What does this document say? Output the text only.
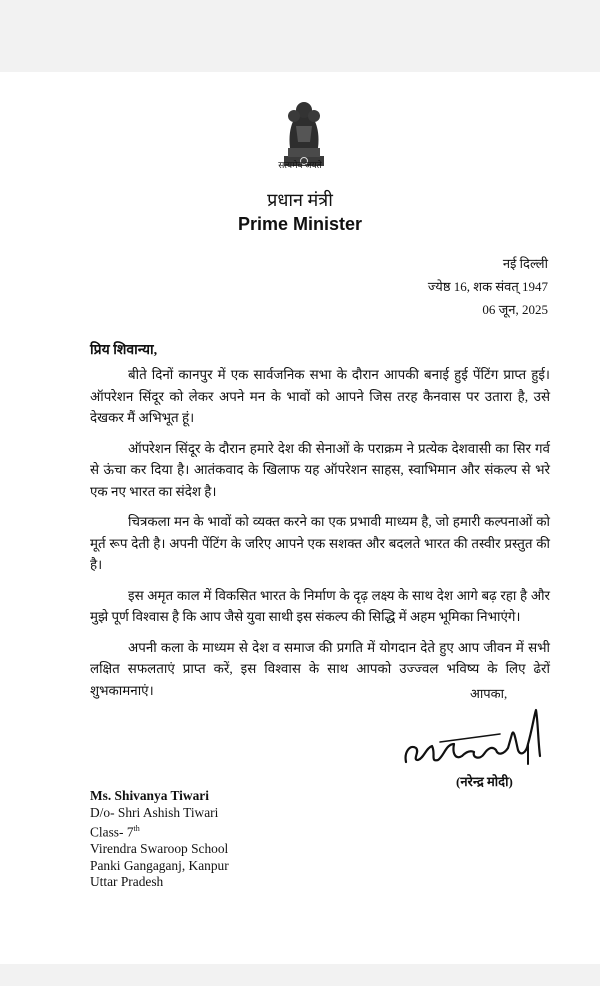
सत्यमेव जयते
प्रधान मंत्री
Prime Minister
नई दिल्ली
ज्येष्ठ 16, शक संवत् 1947
06 जून, 2025
प्रिय शिवान्या,

बीते दिनों कानपुर में एक सार्वजनिक सभा के दौरान आपकी बनाई हुई पेंटिंग प्राप्त हुई। ऑपरेशन सिंदूर को लेकर अपने मन के भावों को आपने जिस तरह कैनवास पर उतारा है, उसे देखकर मैं अभिभूत हूं।

ऑपरेशन सिंदूर के दौरान हमारे देश की सेनाओं के पराक्रम ने प्रत्येक देशवासी का सिर गर्व से ऊंचा कर दिया है। आतंकवाद के खिलाफ यह ऑपरेशन साहस, स्वाभिमान और संकल्प से भरे एक नए भारत का संदेश है।

चित्रकला मन के भावों को व्यक्त करने का एक प्रभावी माध्यम है, जो हमारी कल्पनाओं को मूर्त रूप देती है। अपनी पेंटिंग के जरिए आपने एक सशक्त और बदलते भारत की तस्वीर प्रस्तुत की है।

इस अमृत काल में विकसित भारत के निर्माण के दृढ़ लक्ष्य के साथ देश आगे बढ़ रहा है और मुझे पूर्ण विश्वास है कि आप जैसे युवा साथी इस संकल्प की सिद्धि में अहम भूमिका निभाएंगे।

अपनी कला के माध्यम से देश व समाज की प्रगति में योगदान देते हुए आप जीवन में सभी लक्षित सफलताएं प्राप्त करें, इस विश्वास के साथ आपको उज्ज्वल भविष्य के लिए ढेरों शुभकामनाएं।	आपका,
(नरेन्द्र मोदी)
Ms. Shivanya Tiwari
D/o- Shri Ashish Tiwari
Class- 7th
Virendra Swaroop School
Panki Gangaganj, Kanpur
Uttar Pradesh
